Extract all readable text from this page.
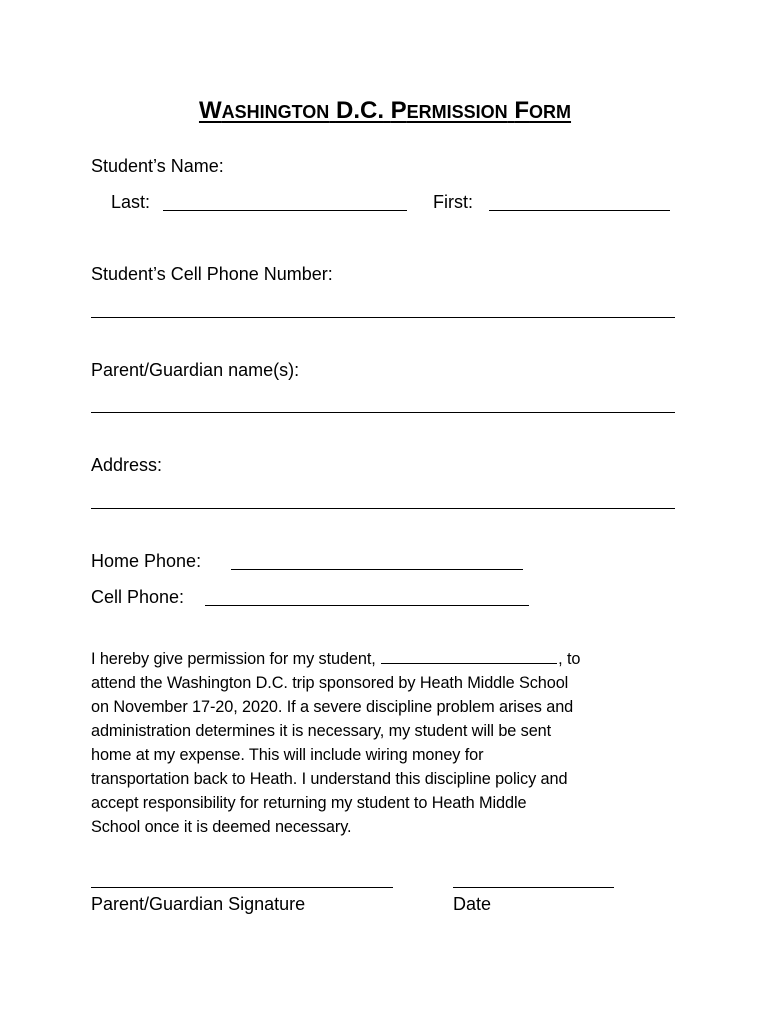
WASHINGTON D.C. PERMISSION FORM
Student’s Name:
Last:	First:
Student’s Cell Phone Number:
Parent/Guardian name(s):
Address:
Home Phone:
Cell Phone:
I hereby give permission for my student,	, to
attend the Washington D.C. trip sponsored by Heath Middle School
on November 17-20, 2020. If a severe discipline problem arises and
administration determines it is necessary, my student will be sent
home at my expense. This will include wiring money for
transportation back to Heath. I understand this discipline policy and
accept responsibility for returning my student to Heath Middle
School once it is deemed necessary.
Parent/Guardian Signature	Date
